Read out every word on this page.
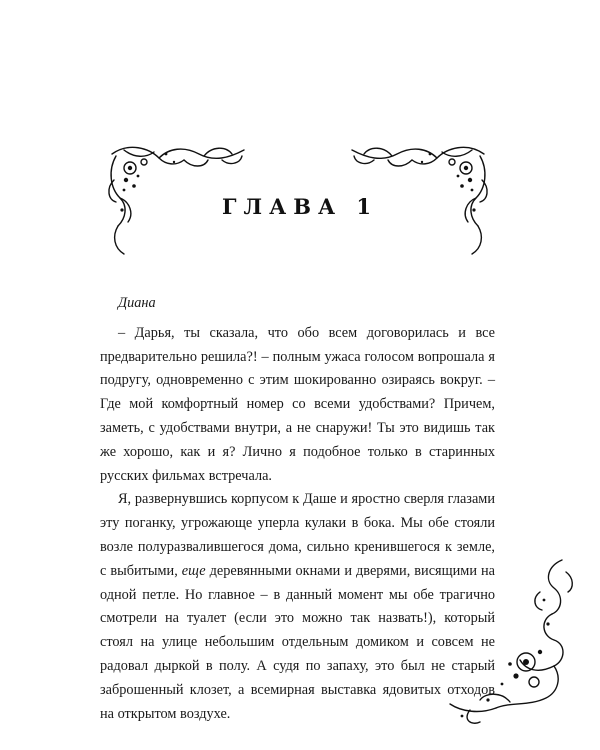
ГЛАВА 1

Диана

– Дарья, ты сказала, что обо всем договорилась и все предварительно решила?! – полным ужаса голосом вопрошала я подругу, одновременно с этим шокированно озираясь вокруг. – Где мой комфортный номер со всеми удобствами? Причем, заметь, с удобствами внутри, а не снаружи! Ты это видишь так же хорошо, как и я? Лично я подобное только в старинных русских фильмах встречала.

Я, развернувшись корпусом к Даше и яростно сверля глазами эту поганку, угрожающе уперла кулаки в бока. Мы обе стояли возле полуразвалившегося дома, сильно кренившегося к земле, с выбитыми, еще деревянными окнами и дверями, висящими на одной петле. Но главное – в данный момент мы обе трагично смотрели на туалет (если это можно так назвать!), который стоял на улице небольшим отдельным домиком и совсем не радовал дыркой в полу. А судя по запаху, это был не старый заброшенный клозет, а всемирная выставка ядовитых отходов на открытом воздухе.
